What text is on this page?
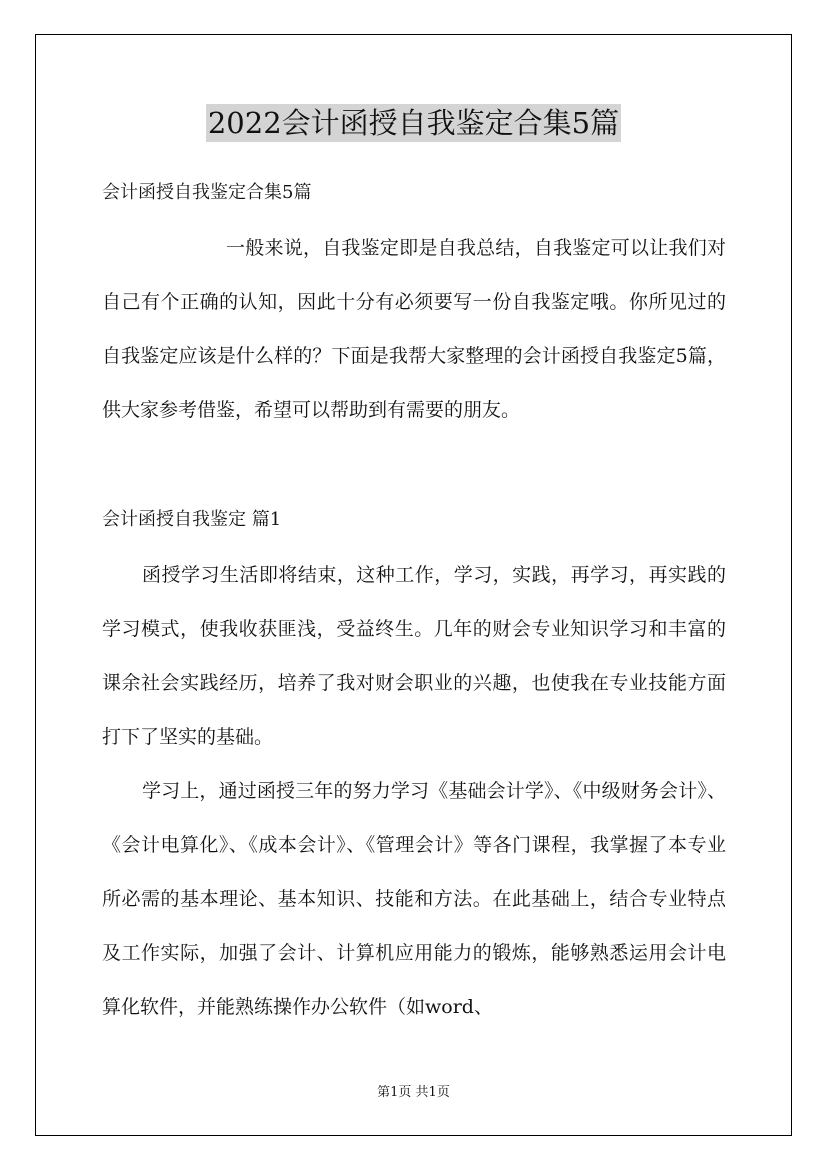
2022会计函授自我鉴定合集5篇
会计函授自我鉴定合集5篇

一般来说，自我鉴定即是自我总结，自我鉴定可以让我们对自己有个正确的认知，因此十分有必须要写一份自我鉴定哦。你所见过的自我鉴定应该是什么样的？下面是我帮大家整理的会计函授自我鉴定5篇，供大家参考借鉴，希望可以帮助到有需要的朋友。

会计函授自我鉴定 篇1

函授学习生活即将结束，这种工作，学习，实践，再学习，再实践的学习模式，使我收获匪浅，受益终生。几年的财会专业知识学习和丰富的课余社会实践经历，培养了我对财会职业的兴趣，也使我在专业技能方面打下了坚实的基础。

学习上，通过函授三年的努力学习《基础会计学》、《中级财务会计》、《会计电算化》、《成本会计》、《管理会计》等各门课程，我掌握了本专业所必需的基本理论、基本知识、技能和方法。在此基础上，结合专业特点及工作实际，加强了会计、计算机应用能力的锻炼，能够熟悉运用会计电算化软件，并能熟练操作办公软件（如word、

第1页 共1页
